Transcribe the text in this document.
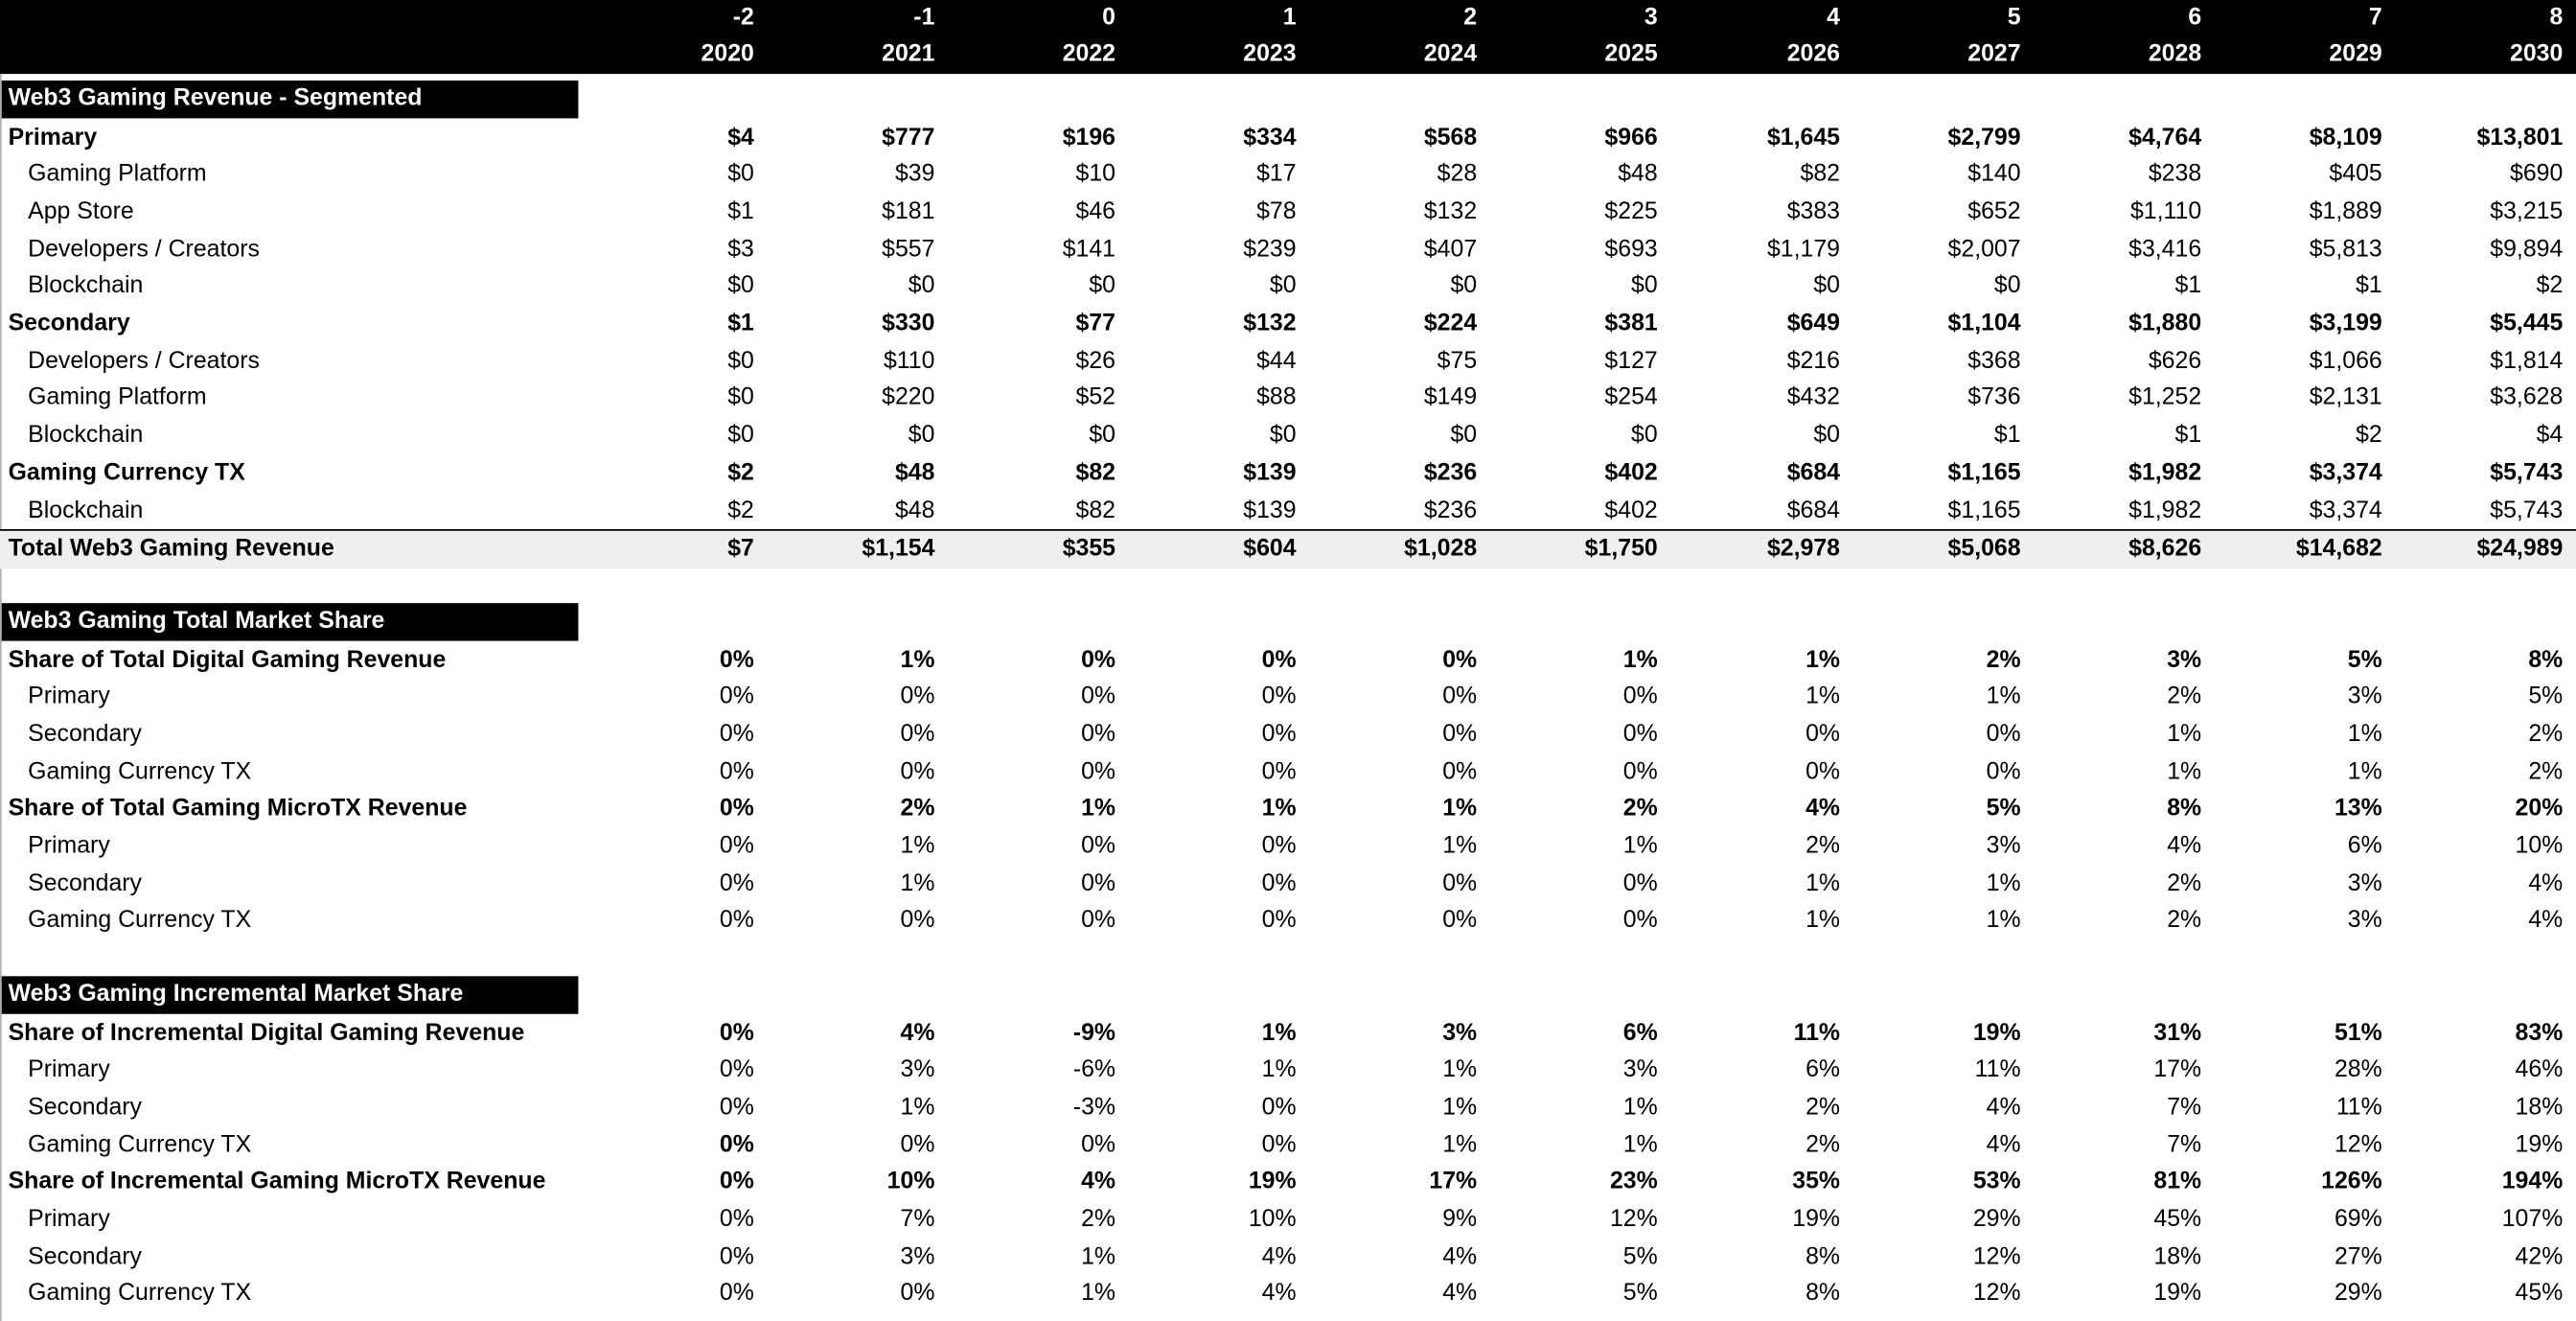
-2	-1	0	1	2	3	4	5	6	7	8
2020	2021	2022	2023	2024	2025	2026	2027	2028	2029	2030
Web3 Gaming Revenue - Segmented
Primary	$4	$777	$196	$334	$568	$966	$1,645	$2,799	$4,764	$8,109	$13,801
Gaming Platform	$0	$39	$10	$17	$28	$48	$82	$140	$238	$405	$690
App Store	$1	$181	$46	$78	$132	$225	$383	$652	$1,110	$1,889	$3,215
Developers / Creators	$3	$557	$141	$239	$407	$693	$1,179	$2,007	$3,416	$5,813	$9,894
Blockchain	$0	$0	$0	$0	$0	$0	$0	$0	$1	$1	$2
Secondary	$1	$330	$77	$132	$224	$381	$649	$1,104	$1,880	$3,199	$5,445
Developers / Creators	$0	$110	$26	$44	$75	$127	$216	$368	$626	$1,066	$1,814
Gaming Platform	$0	$220	$52	$88	$149	$254	$432	$736	$1,252	$2,131	$3,628
Blockchain	$0	$0	$0	$0	$0	$0	$0	$1	$1	$2	$4
Gaming Currency TX	$2	$48	$82	$139	$236	$402	$684	$1,165	$1,982	$3,374	$5,743
Blockchain	$2	$48	$82	$139	$236	$402	$684	$1,165	$1,982	$3,374	$5,743
Total Web3 Gaming Revenue	$7	$1,154	$355	$604	$1,028	$1,750	$2,978	$5,068	$8,626	$14,682	$24,989
Web3 Gaming Total Market Share
Share of Total Digital Gaming Revenue	0%	1%	0%	0%	0%	1%	1%	2%	3%	5%	8%
Primary	0%	0%	0%	0%	0%	0%	1%	1%	2%	3%	5%
Secondary	0%	0%	0%	0%	0%	0%	0%	0%	1%	1%	2%
Gaming Currency TX	0%	0%	0%	0%	0%	0%	0%	0%	1%	1%	2%
Share of Total Gaming MicroTX Revenue	0%	2%	1%	1%	1%	2%	4%	5%	8%	13%	20%
Primary	0%	1%	0%	0%	1%	1%	2%	3%	4%	6%	10%
Secondary	0%	1%	0%	0%	0%	0%	1%	1%	2%	3%	4%
Gaming Currency TX	0%	0%	0%	0%	0%	0%	1%	1%	2%	3%	4%
Web3 Gaming Incremental Market Share
Share of Incremental Digital Gaming Revenue	0%	4%	-9%	1%	3%	6%	11%	19%	31%	51%	83%
Primary	0%	3%	-6%	1%	1%	3%	6%	11%	17%	28%	46%
Secondary	0%	1%	-3%	0%	1%	1%	2%	4%	7%	11%	18%
Gaming Currency TX	0%	0%	0%	0%	1%	1%	2%	4%	7%	12%	19%
Share of Incremental Gaming MicroTX Revenue	0%	10%	4%	19%	17%	23%	35%	53%	81%	126%	194%
Primary	0%	7%	2%	10%	9%	12%	19%	29%	45%	69%	107%
Secondary	0%	3%	1%	4%	4%	5%	8%	12%	18%	27%	42%
Gaming Currency TX	0%	0%	1%	4%	4%	5%	8%	12%	19%	29%	45%
